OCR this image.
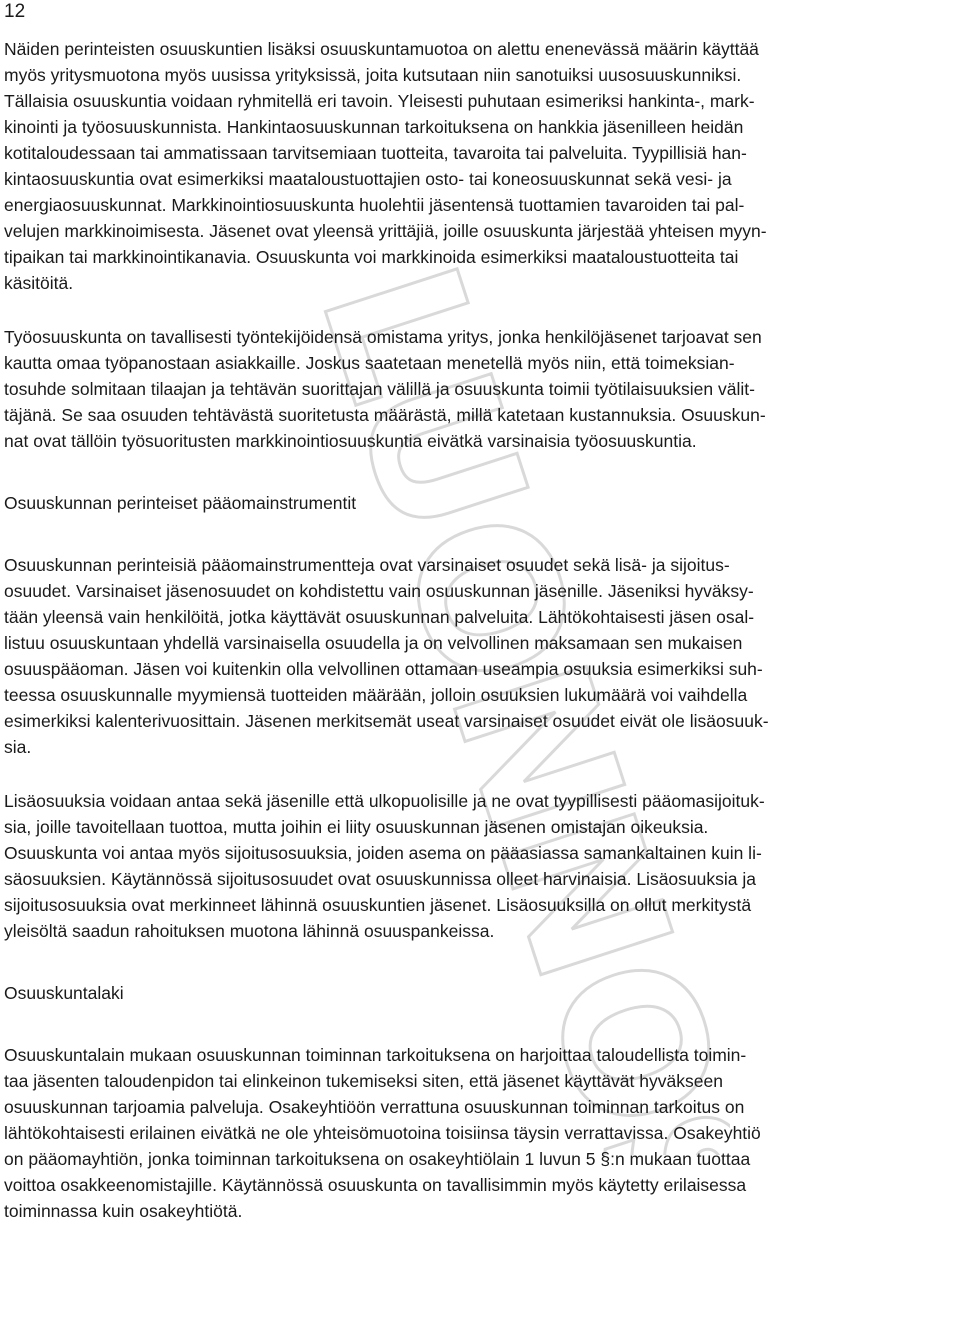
LUONNOS
12
Näiden perinteisten osuuskuntien lisäksi osuuskuntamuotoa on alettu enenevässä määrin käyttää
myös yritysmuotona myös uusissa yrityksissä, joita kutsutaan niin sanotuiksi uusosuuskunniksi.
Tällaisia osuuskuntia voidaan ryhmitellä eri tavoin. Yleisesti puhutaan esimeriksi hankinta-, mark-
kinointi ja työosuuskunnista. Hankintaosuuskunnan tarkoituksena on hankkia jäsenilleen heidän
kotitaloudessaan tai ammatissaan tarvitsemiaan tuotteita, tavaroita tai palveluita. Tyypillisiä han-
kintaosuuskuntia ovat esimerkiksi maataloustuottajien osto- tai koneosuuskunnat sekä vesi- ja
energiaosuuskunnat. Markkinointiosuuskunta huolehtii jäsentensä tuottamien tavaroiden tai pal-
velujen markkinoimisesta. Jäsenet ovat yleensä yrittäjiä, joille osuuskunta järjestää yhteisen myyn-
tipaikan tai markkinointikanavia. Osuuskunta voi markkinoida esimerkiksi maataloustuotteita tai
käsitöitä.
Työosuuskunta on tavallisesti työntekijöidensä omistama yritys, jonka henkilöjäsenet tarjoavat sen
kautta omaa työpanostaan asiakkaille. Joskus saatetaan menetellä myös niin, että toimeksian-
tosuhde solmitaan tilaajan ja tehtävän suorittajan välillä ja osuuskunta toimii työtilaisuuksien välit-
täjänä. Se saa osuuden tehtävästä suoritetusta määrästä, millä katetaan kustannuksia. Osuuskun-
nat ovat tällöin työsuoritusten markkinointiosuuskuntia eivätkä varsinaisia työosuuskuntia.
Osuuskunnan perinteiset pääomainstrumentit
Osuuskunnan perinteisiä pääomainstrumentteja ovat varsinaiset osuudet sekä lisä- ja sijoitus-
osuudet. Varsinaiset jäsenosuudet on kohdistettu vain osuuskunnan jäsenille. Jäseniksi hyväksy-
tään yleensä vain henkilöitä, jotka käyttävät osuuskunnan palveluita. Lähtökohtaisesti jäsen osal-
listuu osuuskuntaan yhdellä varsinaisella osuudella ja on velvollinen maksamaan sen mukaisen
osuuspääoman. Jäsen voi kuitenkin olla velvollinen ottamaan useampia osuuksia esimerkiksi suh-
teessa osuuskunnalle myymiensä tuotteiden määrään, jolloin osuuksien lukumäärä voi vaihdella
esimerkiksi kalenterivuosittain. Jäsenen merkitsemät useat varsinaiset osuudet eivät ole lisäosuuk-
sia.
Lisäosuuksia voidaan antaa sekä jäsenille että ulkopuolisille ja ne ovat tyypillisesti pääomasijoituk-
sia, joille tavoitellaan tuottoa, mutta joihin ei liity osuuskunnan jäsenen omistajan oikeuksia.
Osuuskunta voi antaa myös sijoitusosuuksia, joiden asema on pääasiassa samankaltainen kuin li-
säosuuksien. Käytännössä sijoitusosuudet ovat osuuskunnissa olleet harvinaisia. Lisäosuuksia ja
sijoitusosuuksia ovat merkinneet lähinnä osuuskuntien jäsenet. Lisäosuuksilla on ollut merkitystä
yleisöltä saadun rahoituksen muotona lähinnä osuuspankeissa.
Osuuskuntalaki
Osuuskuntalain mukaan osuuskunnan toiminnan tarkoituksena on harjoittaa taloudellista toimin-
taa jäsenten taloudenpidon tai elinkeinon tukemiseksi siten, että jäsenet käyttävät hyväkseen
osuuskunnan tarjoamia palveluja. Osakeyhtiöön verrattuna osuuskunnan toiminnan tarkoitus on
lähtökohtaisesti erilainen eivätkä ne ole yhteisömuotoina toisiinsa täysin verrattavissa. Osakeyhtiö
on pääomayhtiön, jonka toiminnan tarkoituksena on osakeyhtiölain 1 luvun 5 §:n mukaan tuottaa
voittoa osakkeenomistajille. Käytännössä osuuskunta on tavallisimmin myös käytetty erilaisessa
toiminnassa kuin osakeyhtiötä.
